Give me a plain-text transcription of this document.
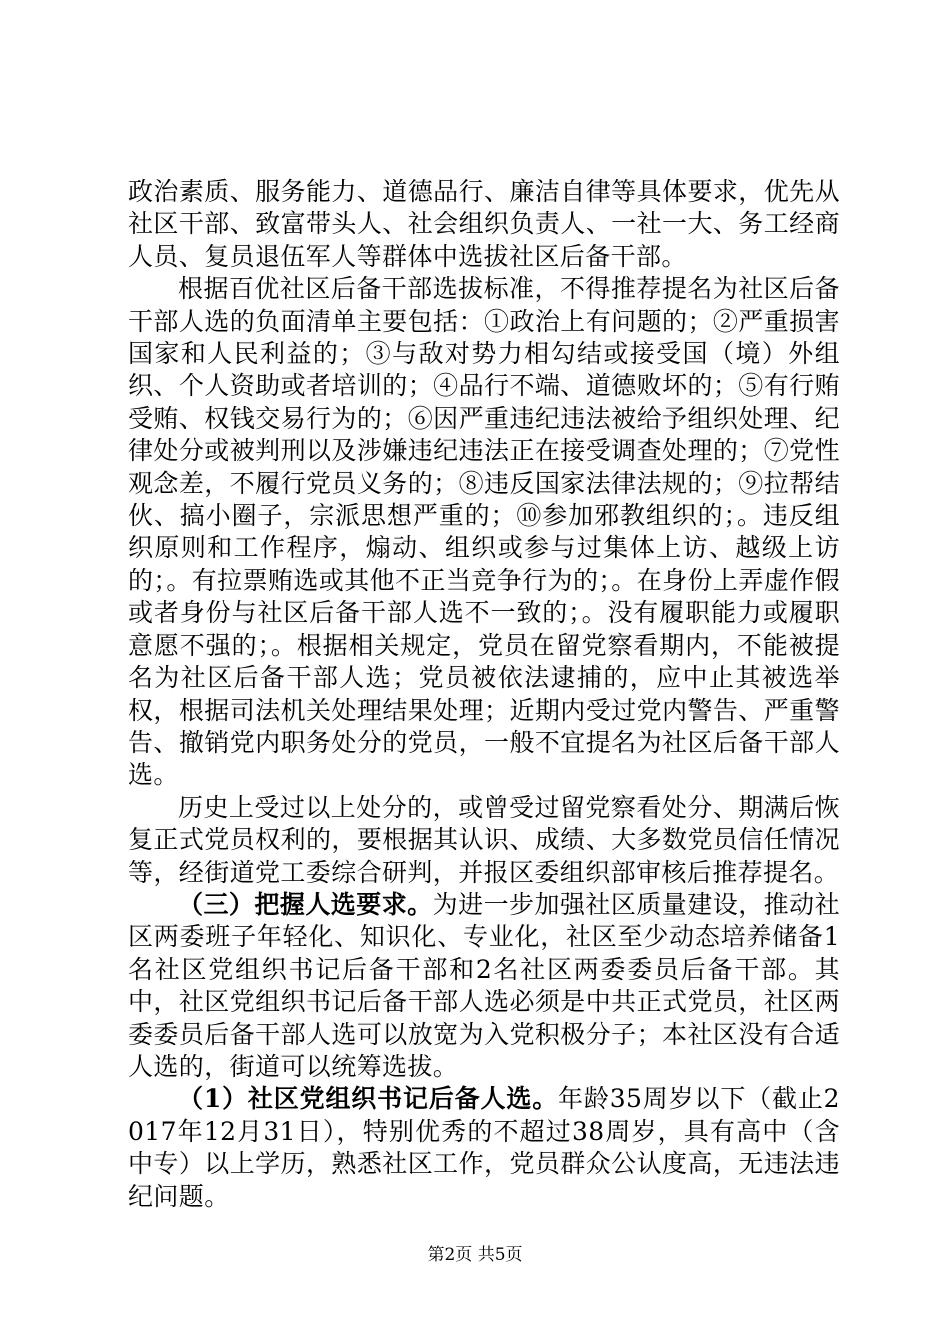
政治素质、服务能力、道德品行、廉洁自律等具体要求，优先从社区干部、致富带头人、社会组织负责人、一社一大、务工经商人员、复员退伍军人等群体中选拔社区后备干部。

根据百优社区后备干部选拔标准，不得推荐提名为社区后备干部人选的负面清单主要包括：①政治上有问题的；②严重损害国家和人民利益的；③与敌对势力相勾结或接受国（境）外组织、个人资助或者培训的；④品行不端、道德败坏的；⑤有行贿受贿、权钱交易行为的；⑥因严重违纪违法被给予组织处理、纪律处分或被判刑以及涉嫌违纪违法正在接受调查处理的；⑦党性观念差，不履行党员义务的；⑧违反国家法律法规的；⑨拉帮结伙、搞小圈子，宗派思想严重的；⑩参加邪教组织的；。违反组织原则和工作程序，煽动、组织或参与过集体上访、越级上访的；。有拉票贿选或其他不正当竞争行为的；。在身份上弄虚作假或者身份与社区后备干部人选不一致的；。没有履职能力或履职意愿不强的；。根据相关规定，党员在留党察看期内，不能被提名为社区后备干部人选；党员被依法逮捕的，应中止其被选举权，根据司法机关处理结果处理；近期内受过党内警告、严重警告、撤销党内职务处分的党员，一般不宜提名为社区后备干部人选。

历史上受过以上处分的，或曾受过留党察看处分、期满后恢复正式党员权利的，要根据其认识、成绩、大多数党员信任情况等，经街道党工委综合研判，并报区委组织部审核后推荐提名。

（三）把握人选要求。为进一步加强社区质量建设，推动社区两委班子年轻化、知识化、专业化，社区至少动态培养储备1名社区党组织书记后备干部和2名社区两委委员后备干部。其中，社区党组织书记后备干部人选必须是中共正式党员，社区两委委员后备干部人选可以放宽为入党积极分子；本社区没有合适人选的，街道可以统筹选拔。

（1）社区党组织书记后备人选。年龄35周岁以下（截止2017年12月31日），特别优秀的不超过38周岁，具有高中（含中专）以上学历，熟悉社区工作，党员群众公认度高，无违法违纪问题。

第2页 共5页
